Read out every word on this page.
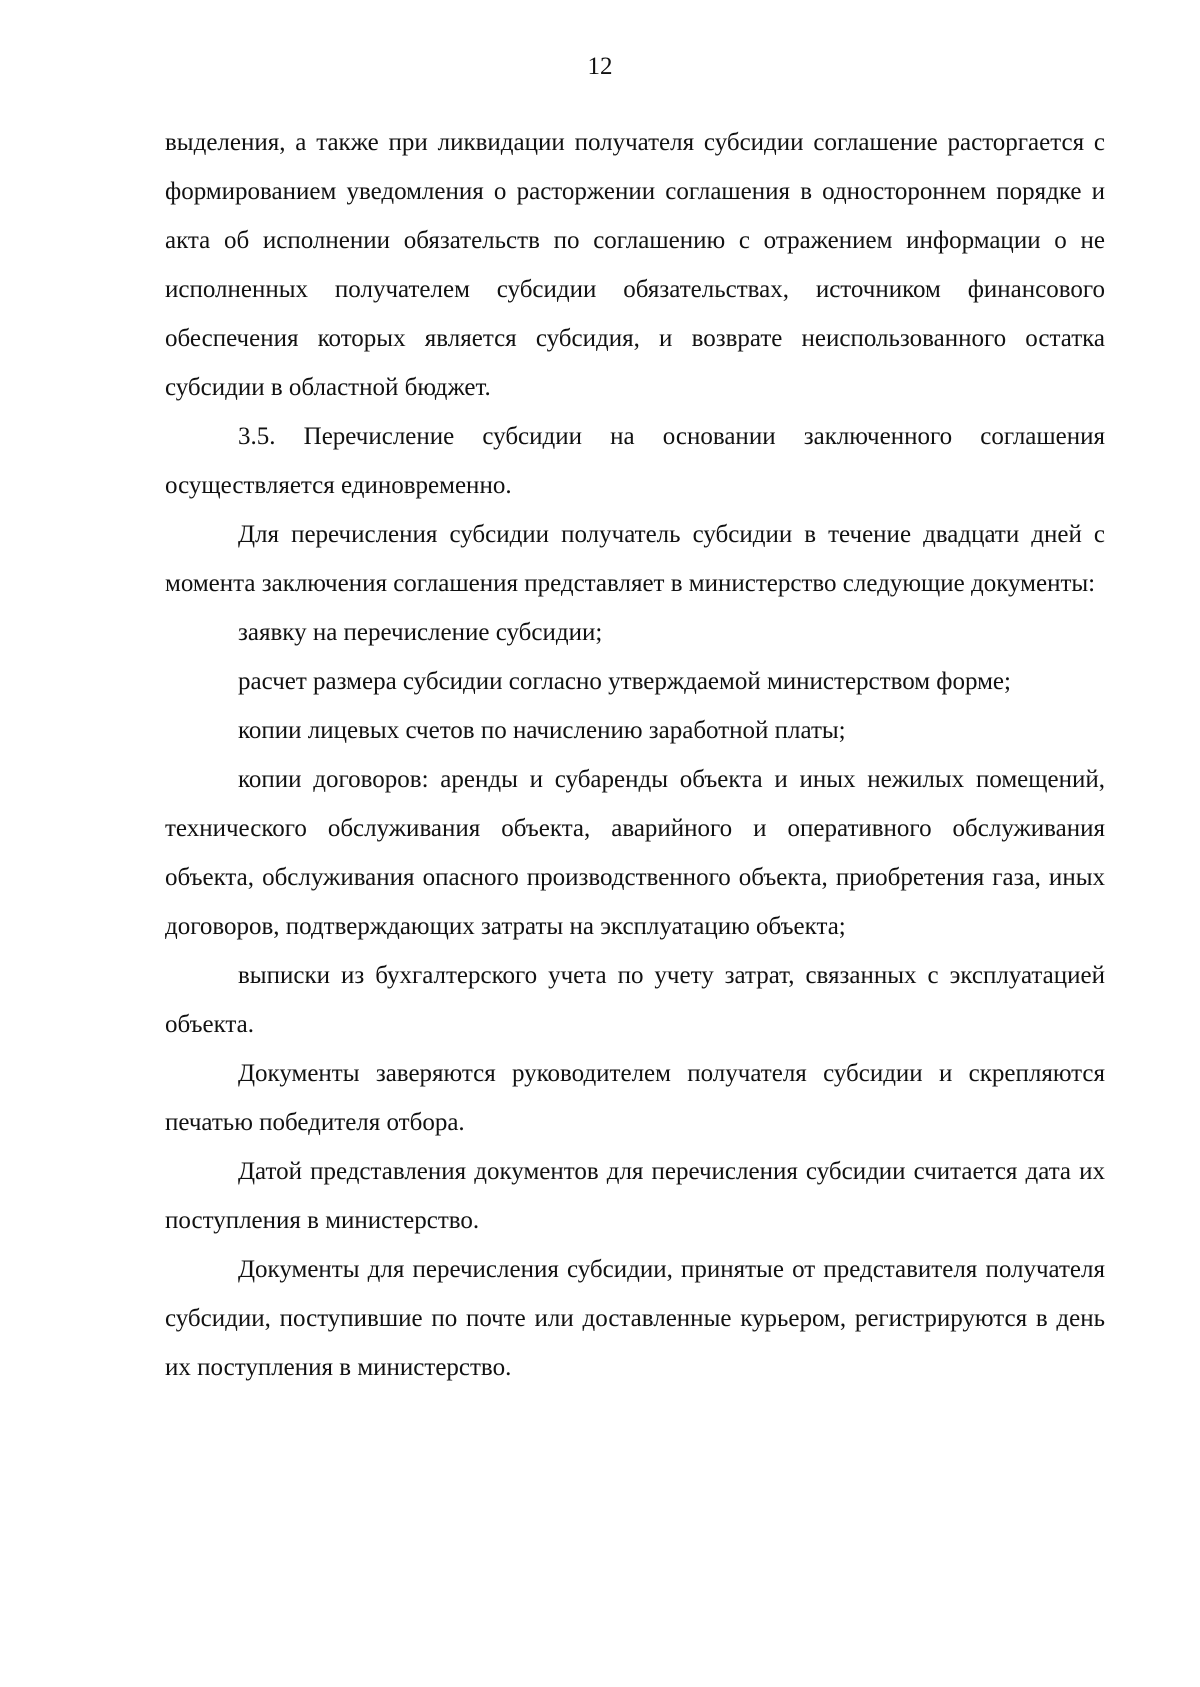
12

выделения, а также при ликвидации получателя субсидии соглашение расторгается с формированием уведомления о расторжении соглашения в одностороннем порядке и акта об исполнении обязательств по соглашению с отражением информации о не исполненных получателем субсидии обязательствах, источником финансового обеспечения которых является субсидия, и возврате неиспользованного остатка субсидии в областной бюджет.

3.5. Перечисление субсидии на основании заключенного соглашения осуществляется единовременно.

Для перечисления субсидии получатель субсидии в течение двадцати дней с момента заключения соглашения представляет в министерство следующие документы:

заявку на перечисление субсидии;

расчет размера субсидии согласно утверждаемой министерством форме;

копии лицевых счетов по начислению заработной платы;

копии договоров: аренды и субаренды объекта и иных нежилых помещений, технического обслуживания объекта, аварийного и оперативного обслуживания объекта, обслуживания опасного производственного объекта, приобретения газа, иных договоров, подтверждающих затраты на эксплуатацию объекта;

выписки из бухгалтерского учета по учету затрат, связанных с эксплуатацией объекта.

Документы заверяются руководителем получателя субсидии и скрепляются печатью победителя отбора.

Датой представления документов для перечисления субсидии считается дата их поступления в министерство.

Документы для перечисления субсидии, принятые от представителя получателя субсидии, поступившие по почте или доставленные курьером, регистрируются в день их поступления в министерство.
